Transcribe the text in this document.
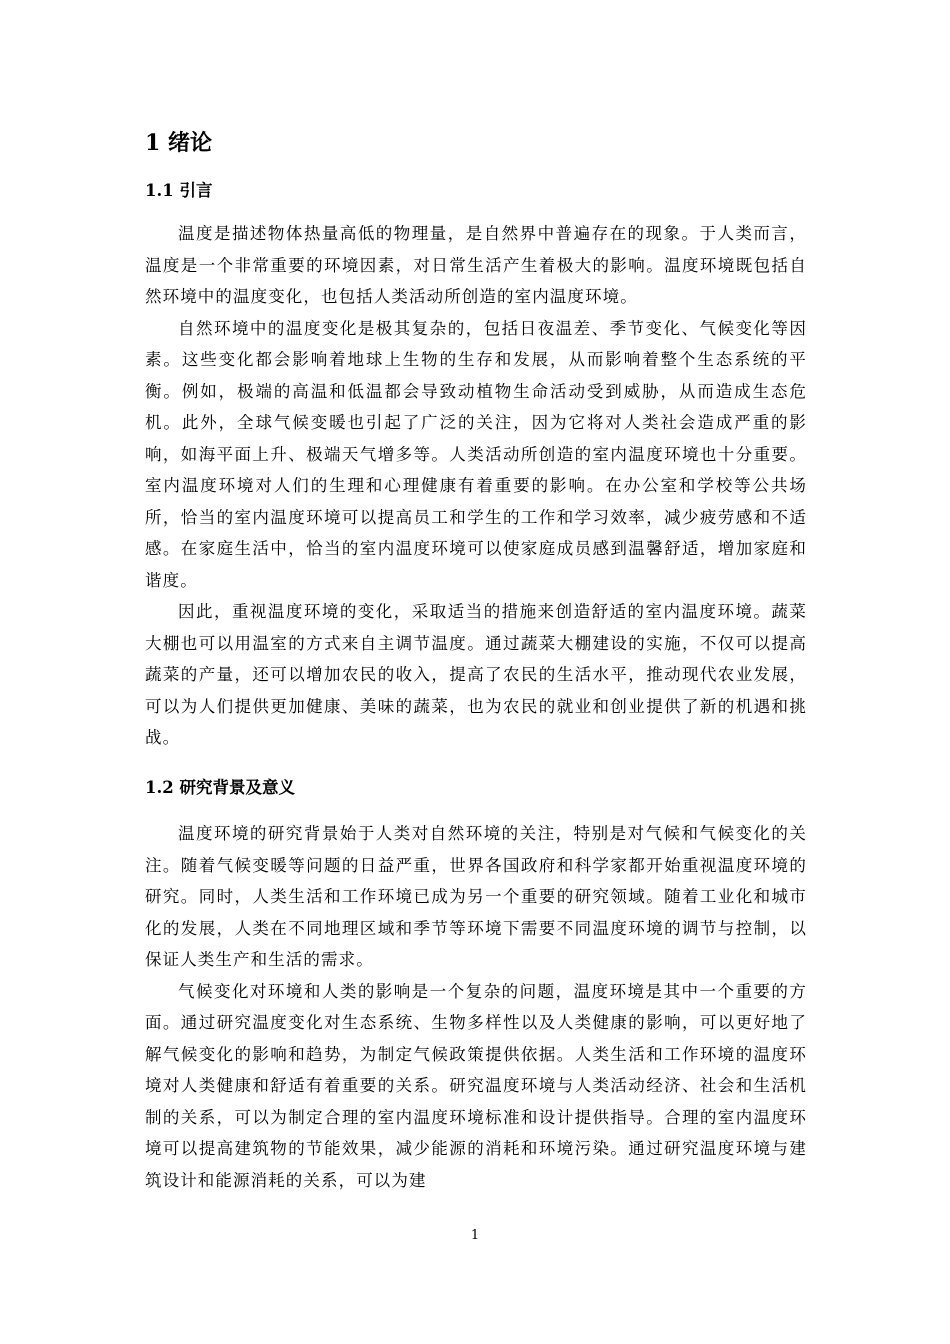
1 绪论
1.1 引言

温度是描述物体热量高低的物理量，是自然界中普遍存在的现象。于人类而言，温度是一个非常重要的环境因素，对日常生活产生着极大的影响。温度环境既包括自然环境中的温度变化，也包括人类活动所创造的室内温度环境。

自然环境中的温度变化是极其复杂的，包括日夜温差、季节变化、气候变化等因素。这些变化都会影响着地球上生物的生存和发展，从而影响着整个生态系统的平衡。例如，极端的高温和低温都会导致动植物生命活动受到威胁，从而造成生态危机。此外，全球气候变暖也引起了广泛的关注，因为它将对人类社会造成严重的影响，如海平面上升、极端天气增多等。人类活动所创造的室内温度环境也十分重要。室内温度环境对人们的生理和心理健康有着重要的影响。在办公室和学校等公共场所，恰当的室内温度环境可以提高员工和学生的工作和学习效率，减少疲劳感和不适感。在家庭生活中，恰当的室内温度环境可以使家庭成员感到温馨舒适，增加家庭和谐度。

因此，重视温度环境的变化，采取适当的措施来创造舒适的室内温度环境。蔬菜大棚也可以用温室的方式来自主调节温度。通过蔬菜大棚建设的实施，不仅可以提高蔬菜的产量，还可以增加农民的收入，提高了农民的生活水平，推动现代农业发展，可以为人们提供更加健康、美味的蔬菜，也为农民的就业和创业提供了新的机遇和挑战。

1.2 研究背景及意义

温度环境的研究背景始于人类对自然环境的关注，特别是对气候和气候变化的关注。随着气候变暖等问题的日益严重，世界各国政府和科学家都开始重视温度环境的研究。同时，人类生活和工作环境已成为另一个重要的研究领域。随着工业化和城市化的发展，人类在不同地理区域和季节等环境下需要不同温度环境的调节与控制，以保证人类生产和生活的需求。

气候变化对环境和人类的影响是一个复杂的问题，温度环境是其中一个重要的方面。通过研究温度变化对生态系统、生物多样性以及人类健康的影响，可以更好地了解气候变化的影响和趋势，为制定气候政策提供依据。人类生活和工作环境的温度环境对人类健康和舒适有着重要的关系。研究温度环境与人类活动经济、社会和生活机制的关系，可以为制定合理的室内温度环境标准和设计提供指导。合理的室内温度环境可以提高建筑物的节能效果，减少能源的消耗和环境污染。通过研究温度环境与建筑设计和能源消耗的关系，可以为建

1
